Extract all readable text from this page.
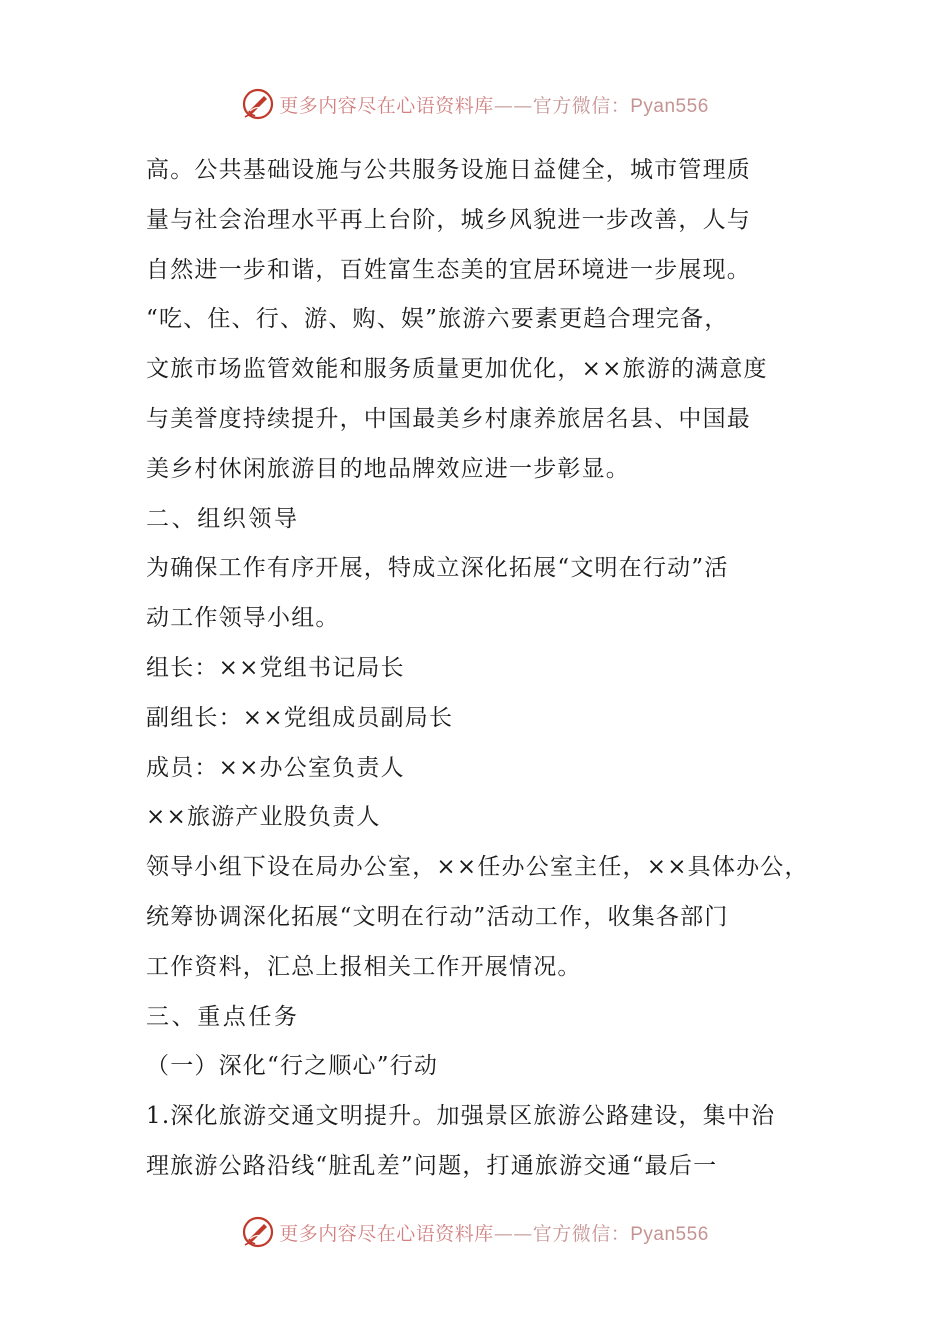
更多内容尽在心语资料库——官方微信：Pyan556
高。公共基础设施与公共服务设施日益健全，城市管理质
量与社会治理水平再上台阶，城乡风貌进一步改善，人与
自然进一步和谐，百姓富生态美的宜居环境进一步展现。
“吃、住、行、游、购、娱”旅游六要素更趋合理完备，
文旅市场监管效能和服务质量更加优化，××旅游的满意度
与美誉度持续提升，中国最美乡村康养旅居名县、中国最
美乡村休闲旅游目的地品牌效应进一步彰显。
二、组织领导
为确保工作有序开展，特成立深化拓展“文明在行动”活
动工作领导小组。
组长：××党组书记局长
副组长：××党组成员副局长
成员：××办公室负责人
××旅游产业股负责人
领导小组下设在局办公室，××任办公室主任，××具体办公，
统筹协调深化拓展“文明在行动”活动工作，收集各部门
工作资料，汇总上报相关工作开展情况。
三、重点任务
（一）深化“行之顺心”行动
1.深化旅游交通文明提升。加强景区旅游公路建设，集中治
理旅游公路沿线“脏乱差”问题，打通旅游交通“最后一
更多内容尽在心语资料库——官方微信：Pyan556
